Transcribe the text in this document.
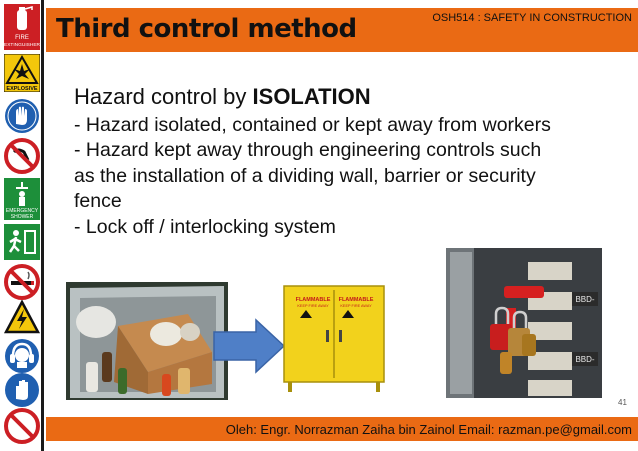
FIRE
EXTINGUISHER
EXPLOSIVE
EMERGENCY
SHOWER
Third control method	OSH514 : SAFETY IN CONSTRUCTION
Hazard control by ISOLATION
- Hazard isolated, contained or kept away from workers
- Hazard kept away through engineering controls such
as the installation of a dividing wall, barrier or security
fence
- Lock off / interlocking system
FLAMMABLE
KEEP FIRE AWAY
FLAMMABLE
KEEP FIRE AWAY
BBD-
BBD-
41
Oleh: Engr. Norrazman Zaiha bin Zainol Email: razman.pe@gmail.com
